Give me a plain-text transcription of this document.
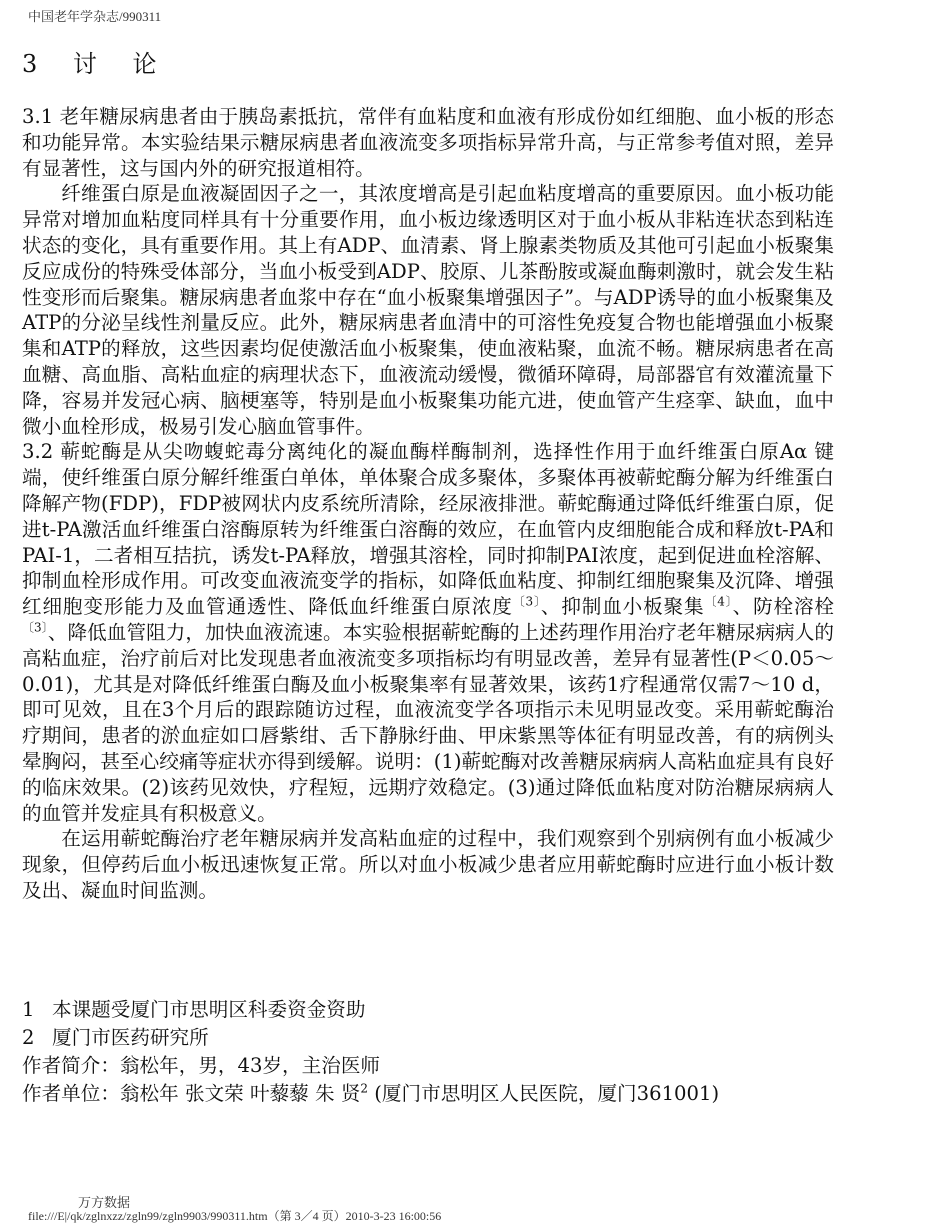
中国老年学杂志/990311
3 讨 论

3.1 老年糖尿病患者由于胰岛素抵抗，常伴有血粘度和血液有形成份如红细胞、血小板的形态和功能异常。本实验结果示糖尿病患者血液流变多项指标异常升高，与正常参考值对照，差异有显著性，这与国内外的研究报道相符。

纤维蛋白原是血液凝固因子之一，其浓度增高是引起血粘度增高的重要原因。血小板功能异常对增加血粘度同样具有十分重要作用，血小板边缘透明区对于血小板从非粘连状态到粘连状态的变化，具有重要作用。其上有ADP、血清素、肾上腺素类物质及其他可引起血小板聚集反应成份的特殊受体部分，当血小板受到ADP、胶原、儿茶酚胺或凝血酶刺激时，就会发生粘性变形而后聚集。糖尿病患者血浆中存在“血小板聚集增强因子”。与ADP诱导的血小板聚集及ATP的分泌呈线性剂量反应。此外，糖尿病患者血清中的可溶性免疫复合物也能增强血小板聚集和ATP的释放，这些因素均促使激活血小板聚集，使血液粘聚，血流不畅。糖尿病患者在高血糖、高血脂、高粘血症的病理状态下，血液流动缓慢，微循环障碍，局部器官有效灌流量下降，容易并发冠心病、脑梗塞等，特别是血小板聚集功能亢进，使血管产生痉挛、缺血，血中微小血栓形成，极易引发心脑血管事件。

3.2 蕲蛇酶是从尖吻蝮蛇毒分离纯化的凝血酶样酶制剂，选择性作用于血纤维蛋白原Aα 键端，使纤维蛋白原分解纤维蛋白单体，单体聚合成多聚体，多聚体再被蕲蛇酶分解为纤维蛋白降解产物(FDP)，FDP被网状内皮系统所清除，经尿液排泄。蕲蛇酶通过降低纤维蛋白原，促进t-PA激活血纤维蛋白溶酶原转为纤维蛋白溶酶的效应，在血管内皮细胞能合成和释放t-PA和PAI-1，二者相互拮抗，诱发t-PA释放，增强其溶栓，同时抑制PAI浓度，起到促进血栓溶解、抑制血栓形成作用。可改变血液流变学的指标，如降低血粘度、抑制红细胞聚集及沉降、增强红细胞变形能力及血管通透性、降低血纤维蛋白原浓度$^{〔3〕}$、抑制血小板聚集$^{〔4〕}$、防栓溶栓$^{〔3〕}$、降低血管阻力，加快血液流速。本实验根据蕲蛇酶的上述药理作用治疗老年糖尿病病人的高粘血症，治疗前后对比发现患者血液流变多项指标均有明显改善，差异有显著性(P＜0.05～0.01)，尤其是对降低纤维蛋白酶及血小板聚集率有显著效果，该药1疗程通常仅需7～10 d，即可见效，且在3个月后的跟踪随访过程，血液流变学各项指示未见明显改变。采用蕲蛇酶治疗期间，患者的淤血症如口唇紫绀、舌下静脉纡曲、甲床紫黑等体征有明显改善，有的病例头晕胸闷，甚至心绞痛等症状亦得到缓解。说明：(1)蕲蛇酶对改善糖尿病病人高粘血症具有良好的临床效果。(2)该药见效快，疗程短，远期疗效稳定。(3)通过降低血粘度对防治糖尿病病人的血管并发症具有积极意义。

在运用蕲蛇酶治疗老年糖尿病并发高粘血症的过程中，我们观察到个别病例有血小板减少现象，但停药后血小板迅速恢复正常。所以对血小板减少患者应用蕲蛇酶时应进行血小板计数及出、凝血时间监测。

1 本课题受厦门市思明区科委资金资助
2 厦门市医药研究所
作者简介：翁松年，男，43岁，主治医师
作者单位：翁松年 张文荣 叶藜藜 朱 贤$^2$ (厦门市思明区人民医院，厦门361001)
万方数据
file:///E|/qk/zglnxzz/zgln99/zgln9903/990311.htm（第 3／4 页）2010-3-23 16:00:56
